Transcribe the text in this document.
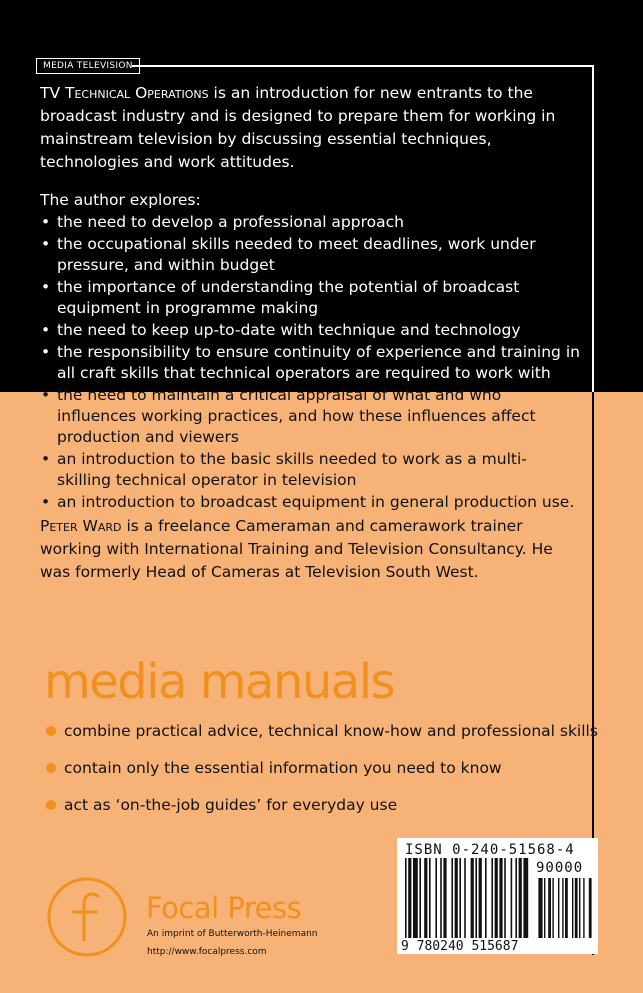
MEDIA TELEVISION
TV Technical Operations is an introduction for new entrants to the broadcast industry and is designed to prepare them for working in mainstream television by discussing essential techniques, technologies and work attitudes.
The author explores:
• the need to develop a professional approach
• the occupational skills needed to meet deadlines, work under pressure, and within budget
• the importance of understanding the potential of broadcast equipment in programme making
• the need to keep up-to-date with technique and technology
• the responsibility to ensure continuity of experience and training in all craft skills that technical operators are required to work with
• the need to maintain a critical appraisal of what and who influences working practices, and how these influences affect production and viewers
• an introduction to the basic skills needed to work as a multi-skilling technical operator in television
• an introduction to broadcast equipment in general production use.
Peter Ward is a freelance Cameraman and camerawork trainer working with International Training and Television Consultancy. He was formerly Head of Cameras at Television South West.
media manuals
combine practical advice, technical know-how and professional skills
contain only the essential information you need to know
act as ‘on-the-job guides’ for everyday use
Focal Press
An imprint of Butterworth-Heinemann
http://www.focalpress.com
ISBN 0-240-51568-4
90000
9 780240 515687
